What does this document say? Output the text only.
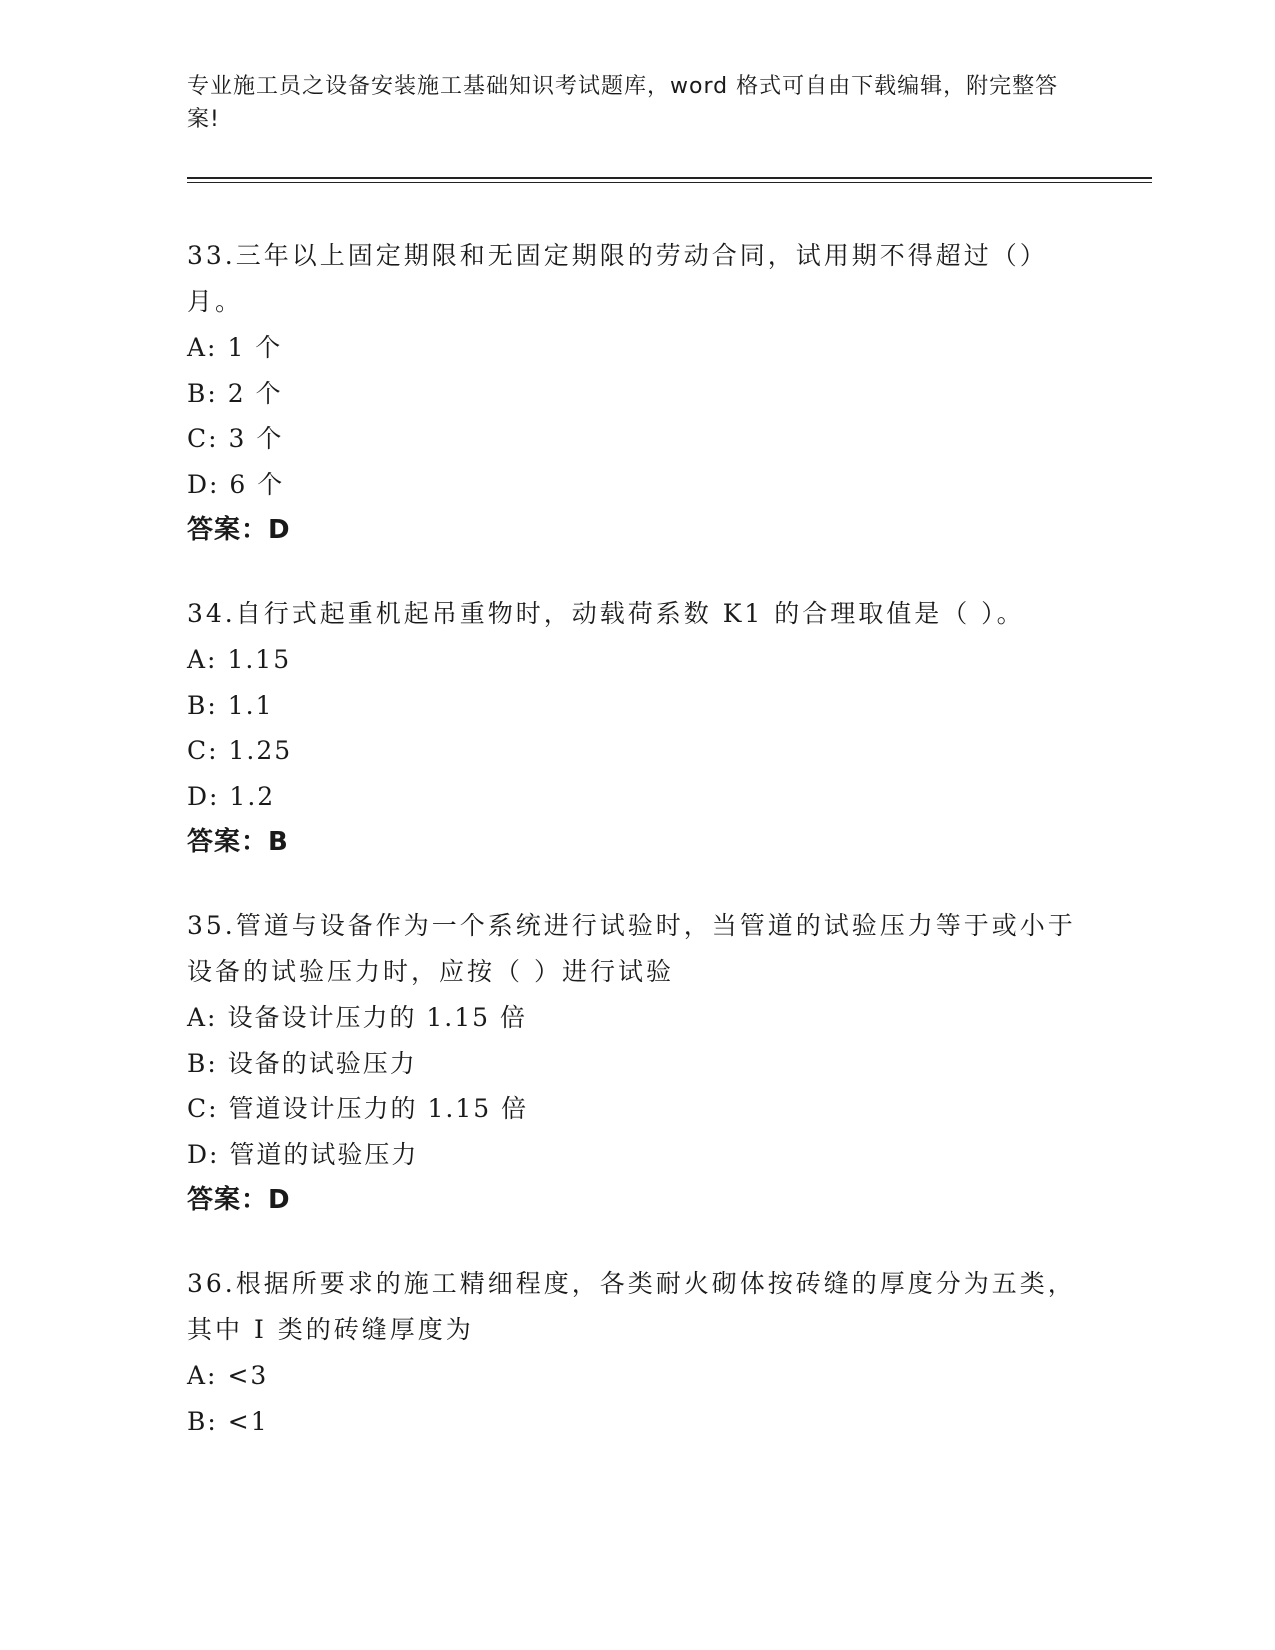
专业施工员之设备安装施工基础知识考试题库，word 格式可自由下载编辑，附完整答案!

33.三年以上固定期限和无固定期限的劳动合同，试用期不得超过（）月。

A: 1 个

B: 2 个

C: 3 个

D: 6 个

答案：D

34.自行式起重机起吊重物时，动载荷系数 K1 的合理取值是（ ）。

A: 1.15

B: 1.1

C: 1.25

D: 1.2

答案：B

35.管道与设备作为一个系统进行试验时，当管道的试验压力等于或小于设备的试验压力时，应按（ ）进行试验

A: 设备设计压力的 1.15 倍

B: 设备的试验压力

C: 管道设计压力的 1.15 倍

D: 管道的试验压力

答案：D

36.根据所要求的施工精细程度，各类耐火砌体按砖缝的厚度分为五类，其中 I 类的砖缝厚度为

A: <3

B: <1
